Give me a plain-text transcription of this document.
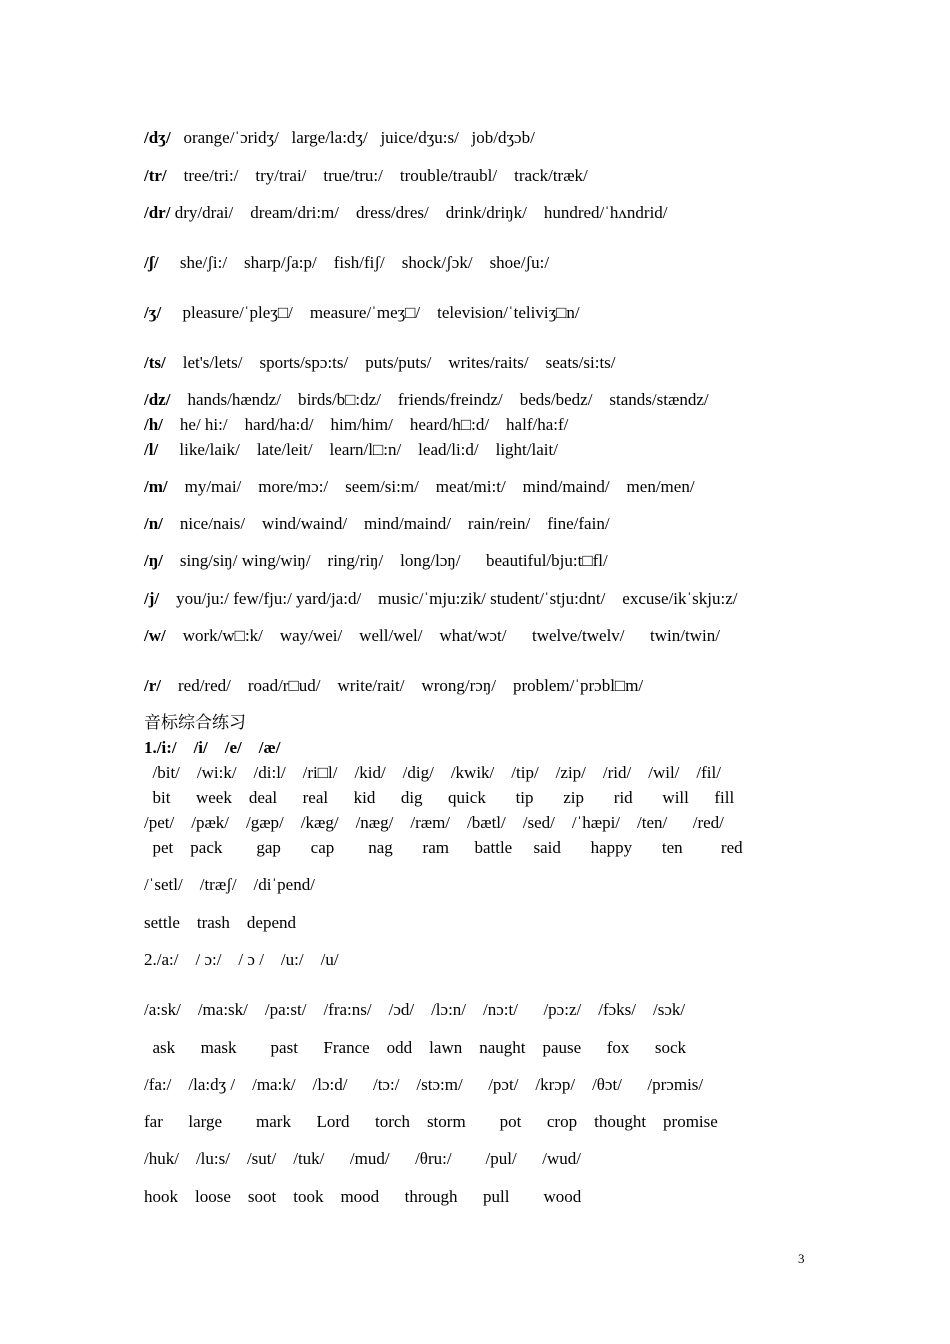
/dʒ/   orange/ˈɔridʒ/   large/la:dʒ/   juice/dʒu:s/   job/dʒɔb/
/tr/    tree/tri:/    try/trai/    true/tru:/    trouble/traubl/    track/træk/
/dr/ dry/drai/    dream/dri:m/    dress/dres/    drink/driŋk/    hundred/ˈhʌndrid/
/ʃ/     she/ʃi:/    sharp/ʃa:p/    fish/fiʃ/    shock/ʃɔk/    shoe/ʃu:/
/ʒ/     pleasure/ˈpleʒ□/    measure/ˈmeʒ□/    television/ˈteliviʒ□n/
/ts/    let's/lets/    sports/spɔ:ts/    puts/puts/    writes/raits/    seats/si:ts/
/dz/    hands/hændz/    birds/b□:dz/    friends/freindz/    beds/bedz/    stands/stændz/
/h/    he/ hi:/    hard/ha:d/    him/him/    heard/h□:d/    half/ha:f/
/l/     like/laik/    late/leit/    learn/l□:n/    lead/li:d/    light/lait/
/m/    my/mai/    more/mɔ:/    seem/si:m/    meat/mi:t/    mind/maind/    men/men/
/n/    nice/nais/    wind/waind/    mind/maind/    rain/rein/    fine/fain/
/ŋ/    sing/siŋ/ wing/wiŋ/    ring/riŋ/    long/lɔŋ/      beautiful/bju:t□fl/
/j/    you/ju:/ few/fju:/ yard/ja:d/    music/ˈmju:zik/ student/ˈstju:dnt/    excuse/ikˈskju:z/
/w/    work/w□:k/    way/wei/    well/wel/    what/wɔt/      twelve/twelv/      twin/twin/
/r/    red/red/    road/r□ud/    write/rait/    wrong/rɔŋ/    problem/ˈprɔbl□m/
音标综合练习
1./i:/    /i/    /e/    /æ/
/bit/    /wi:k/    /di:l/    /ri□l/    /kid/    /dig/    /kwik/    /tip/    /zip/    /rid/    /wil/    /fil/
bit      week    deal      real      kid      dig      quick       tip       zip       rid       will      fill
/pet/    /pæk/    /gæp/    /kæg/    /næg/    /ræm/    /bætl/    /sed/    /ˈhæpi/    /ten/      /red/
pet    pack        gap       cap        nag       ram      battle     said       happy       ten         red
/ˈsetl/    /træʃ/    /diˈpend/
settle    trash    depend
2./a:/    / ɔ:/    / ɔ /    /u:/    /u/
/a:sk/    /ma:sk/    /pa:st/    /fra:ns/    /ɔd/    /lɔ:n/    /nɔ:t/      /pɔ:z/    /fɔks/    /sɔk/
ask      mask        past      France    odd    lawn    naught    pause      fox      sock
/fa:/    /la:dʒ /    /ma:k/    /lɔ:d/      /tɔ:/    /stɔ:m/      /pɔt/    /krɔp/    /θɔt/      /prɔmis/
far      large        mark      Lord      torch    storm        pot      crop    thought    promise
/huk/    /lu:s/    /sut/    /tuk/      /mud/      /θru:/        /pul/      /wud/
hook    loose    soot    took    mood      through      pull        wood
3
